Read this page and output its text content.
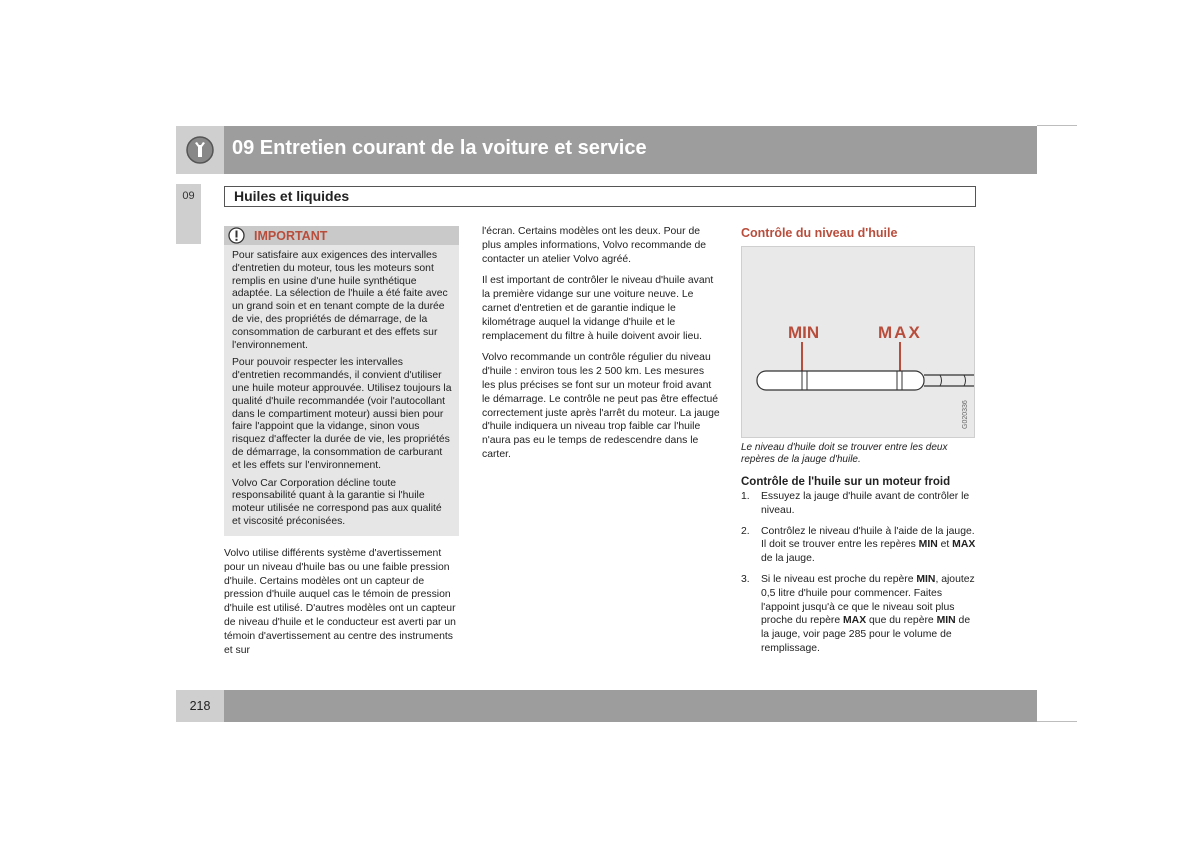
09 Entretien courant de la voiture et service
09	Huiles et liquides
IMPORTANT

Pour satisfaire aux exigences des intervalles d'entretien du moteur, tous les moteurs sont remplis en usine d'une huile synthétique adaptée. La sélection de l'huile a été faite avec un grand soin et en tenant compte de la durée de vie, des propriétés de démarrage, de la consommation de carburant et des effets sur l'environnement.

Pour pouvoir respecter les intervalles d'entretien recommandés, il convient d'utiliser une huile moteur approuvée. Utilisez toujours la qualité d'huile recommandée (voir l'autocollant dans le compartiment moteur) aussi bien pour faire l'appoint que la vidange, sinon vous risquez d'affecter la durée de vie, les propriétés de démarrage, la consommation de carburant et les effets sur l'environnement.

Volvo Car Corporation décline toute responsabilité quant à la garantie si l'huile moteur utilisée ne correspond pas aux qualité et viscosité préconisées.

Volvo utilise différents système d'avertissement pour un niveau d'huile bas ou une faible pression d'huile. Certains modèles ont un capteur de pression d'huile auquel cas le témoin de pression d'huile est utilisé. D'autres modèles ont un capteur de niveau d'huile et le conducteur est averti par un témoin d'avertissement au centre des instruments et sur

l'écran. Certains modèles ont les deux. Pour de plus amples informations, Volvo recommande de contacter un atelier Volvo agréé.

Il est important de contrôler le niveau d'huile avant la première vidange sur une voiture neuve. Le carnet d'entretien et de garantie indique le kilométrage auquel la vidange d'huile et le remplacement du filtre à huile doivent avoir lieu.

Volvo recommande un contrôle régulier du niveau d'huile : environ tous les 2 500 km. Les mesures les plus précises se font sur un moteur froid avant le démarrage. Le contrôle ne peut pas être effectué correctement juste après l'arrêt du moteur. La jauge d'huile indiquera un niveau trop faible car l'huile n'aura pas eu le temps de redescendre dans le carter.

Contrôle du niveau d'huile
MIN	MAX
G020336
Le niveau d'huile doit se trouver entre les deux repères de la jauge d'huile.
Contrôle de l'huile sur un moteur froid
1. Essuyez la jauge d'huile avant de contrôler le niveau.
2. Contrôlez le niveau d'huile à l'aide de la jauge. Il doit se trouver entre les repères MIN et MAX de la jauge.
3. Si le niveau est proche du repère MIN, ajoutez 0,5 litre d'huile pour commencer. Faites l'appoint jusqu'à ce que le niveau soit plus proche du repère MAX que du repère MIN de la jauge, voir page 285 pour le volume de remplissage.
218
